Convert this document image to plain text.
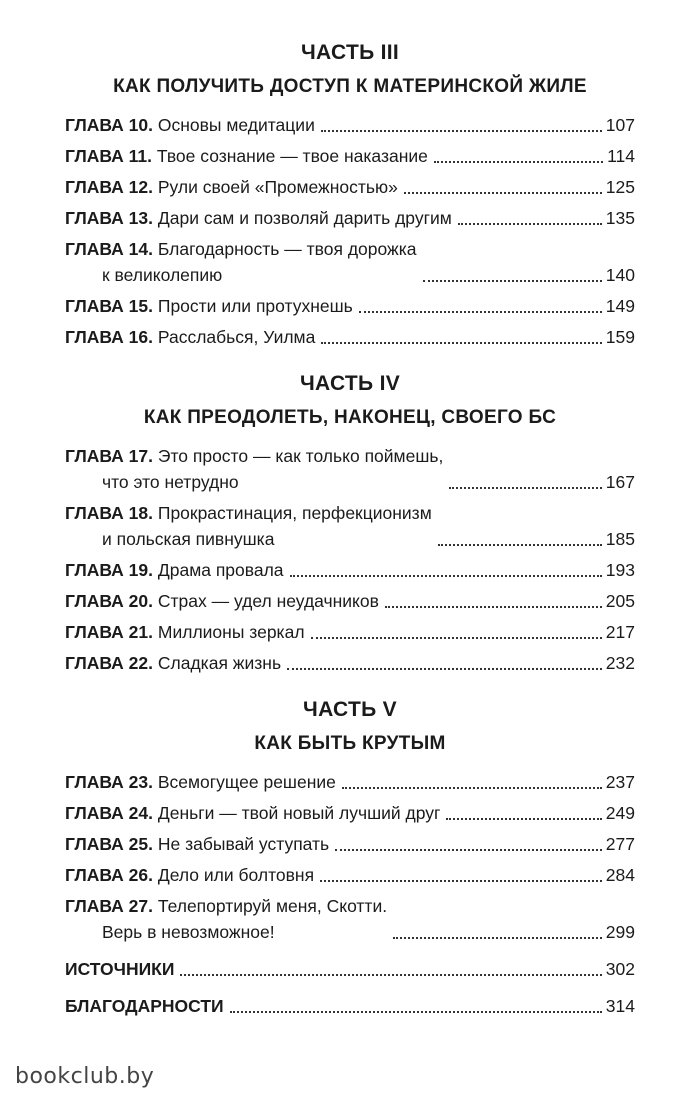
ЧАСТЬ III
КАК ПОЛУЧИТЬ ДОСТУП К МАТЕРИНСКОЙ ЖИЛЕ
ГЛАВА 10. Основы медитации	107
ГЛАВА 11. Твое сознание — твое наказание	114
ГЛАВА 12. Рули своей «Промежностью»	125
ГЛАВА 13. Дари сам и позволяй дарить другим	135
ГЛАВА 14. Благодарность — твоя дорожка
к великолепию	140
ГЛАВА 15. Прости или протухнешь	149
ГЛАВА 16. Расслабься, Уилма	159
ЧАСТЬ IV
КАК ПРЕОДОЛЕТЬ, НАКОНЕЦ, СВОЕГО БС
ГЛАВА 17. Это просто — как только поймешь,
что это нетрудно	167
ГЛАВА 18. Прокрастинация, перфекционизм
и польская пивнушка	185
ГЛАВА 19. Драма провала	193
ГЛАВА 20. Страх — удел неудачников	205
ГЛАВА 21. Миллионы зеркал	217
ГЛАВА 22. Сладкая жизнь	232
ЧАСТЬ V
КАК БЫТЬ КРУТЫМ
ГЛАВА 23. Всемогущее решение	237
ГЛАВА 24. Деньги — твой новый лучший друг	249
ГЛАВА 25. Не забывай уступать	277
ГЛАВА 26. Дело или болтовня	284
ГЛАВА 27. Телепортируй меня, Скотти.
Верь в невозможное!	299
ИСТОЧНИКИ	302
БЛАГОДАРНОСТИ	314
bookclub.by
